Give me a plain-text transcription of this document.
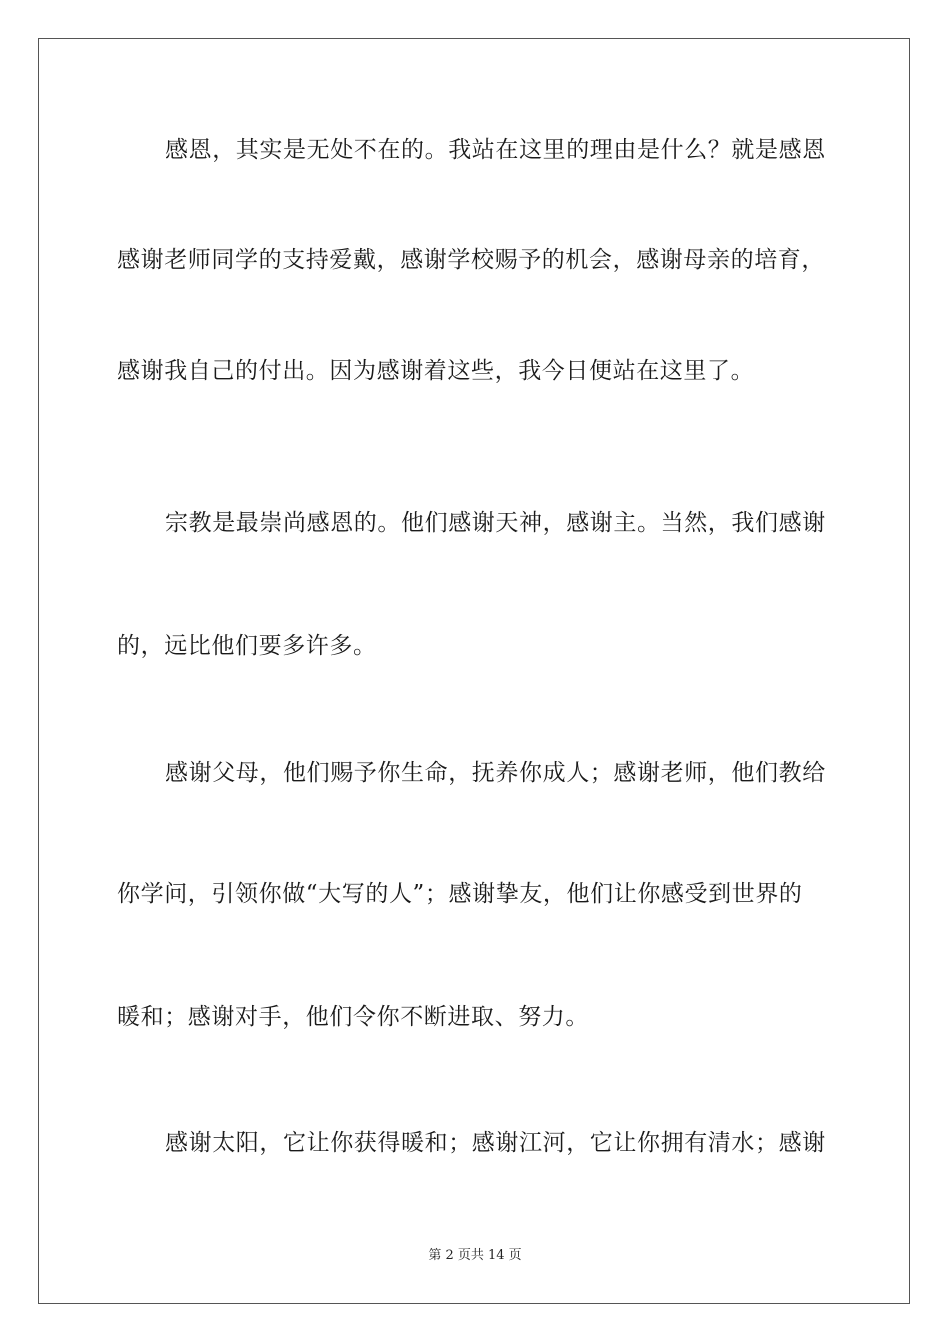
感恩，其实是无处不在的。我站在这里的理由是什么？就是感恩
感谢老师同学的支持爱戴，感谢学校赐予的机会，感谢母亲的培育，
感谢我自己的付出。因为感谢着这些，我今日便站在这里了。
宗教是最崇尚感恩的。他们感谢天神，感谢主。当然，我们感谢
的，远比他们要多许多。
感谢父母，他们赐予你生命，抚养你成人；感谢老师，他们教给
你学问，引领你做“大写的人”；感谢挚友，他们让你感受到世界的
暖和；感谢对手，他们令你不断进取、努力。
感谢太阳，它让你获得暖和；感谢江河，它让你拥有清水；感谢
第 2 页共 14 页
